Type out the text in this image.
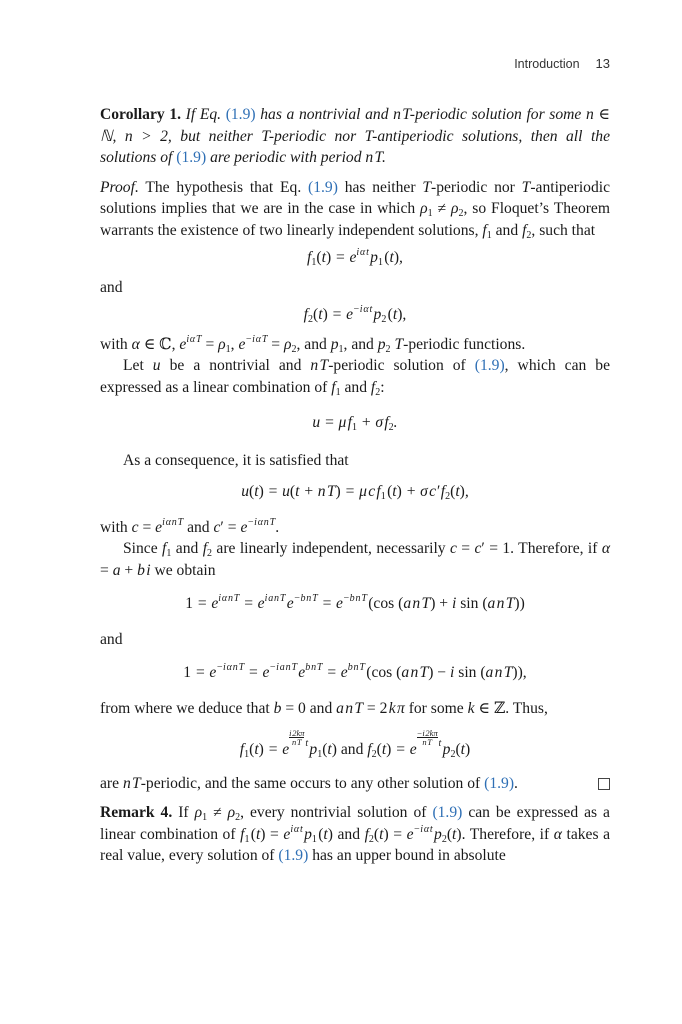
Introduction 13

Corollary 1. If Eq. (1.9) has a nontrivial and n T-periodic solution for some n ∈ ℕ, n > 2, but neither T-periodic nor T-antiperiodic solutions, then all the solutions of (1.9) are periodic with period n T.

Proof. The hypothesis that Eq. (1.9) has neither T-periodic nor T-antiperiodic solutions implies that we are in the case in which $\rho_1 \ne \rho_2$, so Floquet’s Theorem warrants the existence of two linearly independent solutions, $f_1$ and $f_2$, such that

$f_1(t) = e^{i \alpha t}$ $p_1$ (t),

and

$f_2(t) = e^{-i \alpha t}$ $p_2$ (t),

with α ∈ ℂ, $e^{i \alpha T} = \rho_1$, $e^{-i \alpha T} = \rho_2$, and $p_1$, and $p_2$ T-periodic functions.

Let u be a nontrivial and n T-periodic solution of (1.9), which can be expressed as a linear combination of $f_1$ and $f_2$:

u = μ $f_1 + \sigma$ $f_2$.

As a consequence, it is satisfied that

u(t) = u(t + n T) = μ c $f_1$ (t) + σ c′ $f_2(t)$,

with $c = e^{i \alpha n T}$ and $c' = e^{-i \alpha n T}$.

Since $f_1$ and $f_2$ are linearly independent, necessarily c = c′ = 1. Therefore, if α = a + b i we obtain

$1 = e^{i \alpha n T} = e^{i a n T}$ $e^{-b n T} = e^{-b n T}$ (cos (a n T) + i sin (a n T))

and

$1 = e^{-i \alpha n T} = e^{-i a n T}$ $e^{b n T} = e^{b n T}$ (cos (a n T) − i sin (a n T)),

from where we deduce that b = 0 and a n T = 2 k π for some k ∈ ℤ. Thus,

$f_1(t) = e$
$\frac{i 2k\pi}{\text{n T}}$  $^t$ $p_1(t)$ and $f_2(t) = e$
$\frac{-i 2k\pi}{\text{n T}}$  $^t$ $p_2(t)$

are n T-periodic, and the same occurs to any other solution of (1.9).

Remark 4. If $\rho_1 \ne \rho_2$, every nontrivial solution of (1.9) can be expressed as a linear combination of $f_1$ $(t) = e^{i \alpha t}$ $p_1$ (t) and $f_2(t) = e^{-i \alpha t}$ $p_2(t)$. Therefore, if α takes a real value, every solution of (1.9) has an upper bound in absolute
